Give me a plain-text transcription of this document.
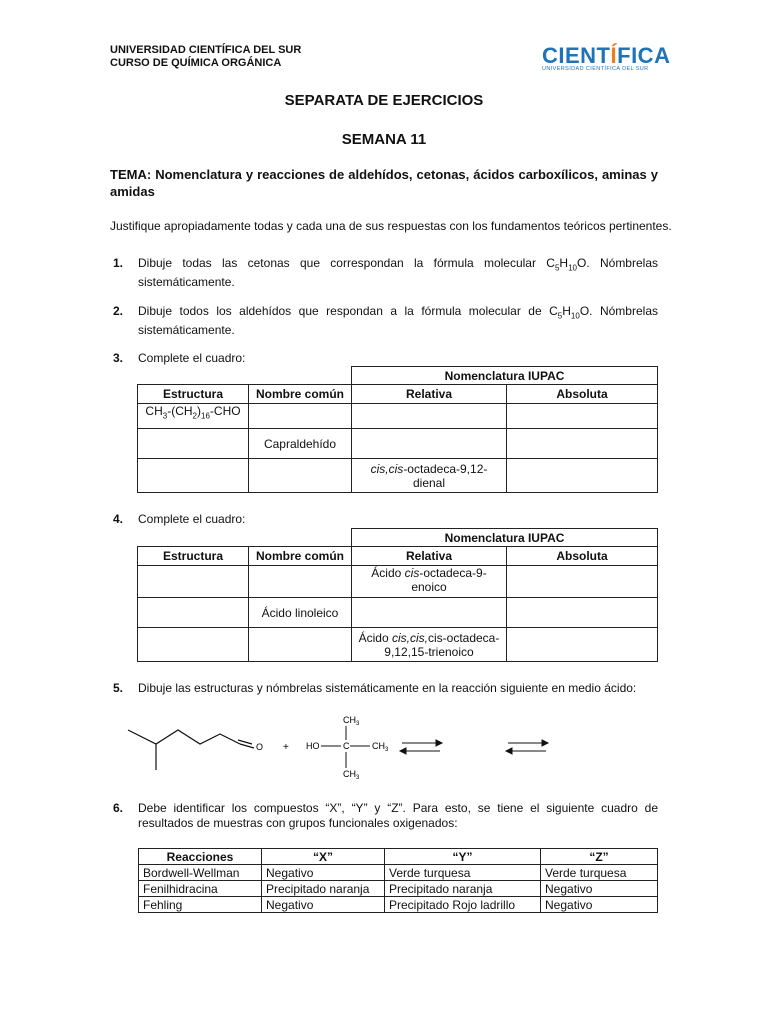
UNIVERSIDAD CIENTÍFICA DEL SUR
CURSO DE QUÍMICA ORGÁNICA	CIENTÍFICA
UNIVERSIDAD CIENTÍFICA DEL SUR
SEPARATA DE EJERCICIOS
SEMANA 11
TEMA: Nomenclatura y reacciones de aldehídos, cetonas, ácidos carboxílicos, aminas y amidas
Justifique apropiadamente todas y cada una de sus respuestas con los fundamentos teóricos pertinentes.
1. Dibuje todas las cetonas que correspondan la fórmula molecular $C_5H_{10}O$. Nómbrelas sistemáticamente.
2. Dibuje todos los aldehídos que respondan a la fórmula molecular de $C_5H_{10}O$. Nómbrelas sistemáticamente.
3. Complete el cuadro:
		Nomenclatura IUPAC	
Estructura	Nombre común	Relativa	Absoluta
$CH_3-(CH_2)_{16}$-CHO			
	Capraldehído		
		cis,cis-octadeca-9,12-
dienal	
4. Complete el cuadro:
		Nomenclatura IUPAC	
Estructura	Nombre común	Relativa	Absoluta
		Ácido cis-octadeca-9-
enoico	
	Ácido linoleico		
		Ácido cis,cis,cis-octadeca-
9,12,15-trienoico	
5. Dibuje las estructuras y nómbrelas sistemáticamente en la reacción siguiente en medio ácido:
O +
$CH_3$
HO	C	$CH_3$
$CH_3$
6. Debe identificar los compuestos “X”, “Y” y “Z”. Para esto, se tiene el siguiente cuadro de resultados de muestras con grupos funcionales oxigenados:
Reacciones	“X”	“Y”	“Z”
Bordwell-Wellman	Negativo	Verde turquesa	Verde turquesa
Fenilhidracina	Precipitado naranja	Precipitado naranja	Negativo
Fehling	Negativo	Precipitado Rojo ladrillo	Negativo
